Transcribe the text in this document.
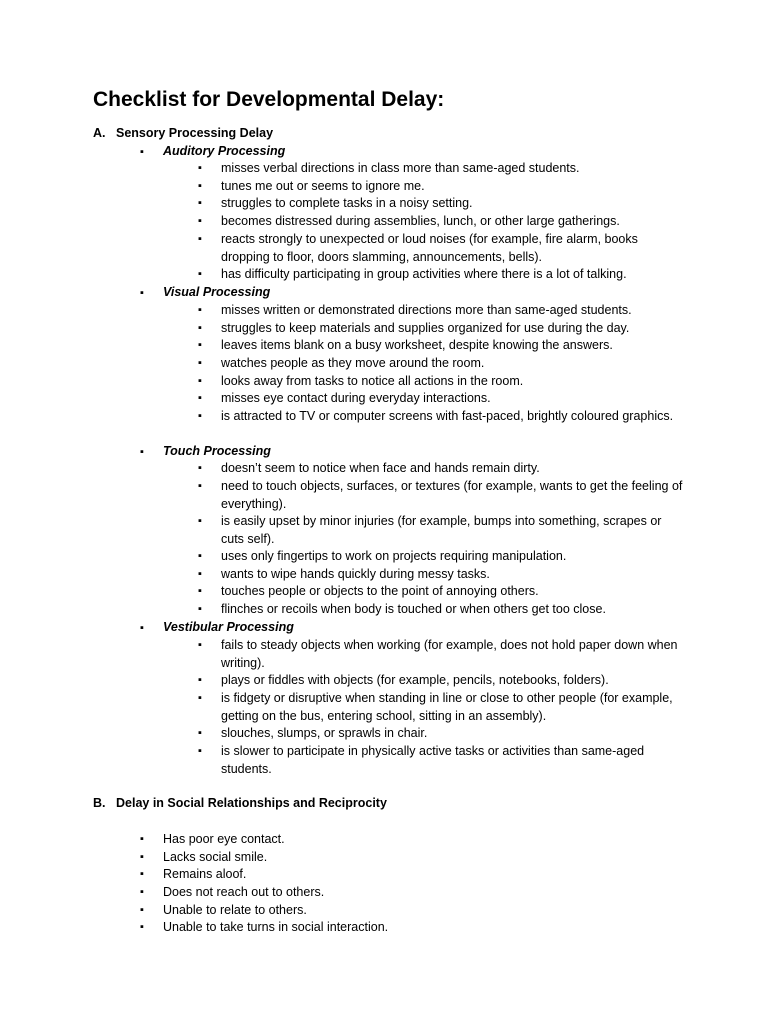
Checklist for Developmental Delay:
A. Sensory Processing Delay
▪ Auditory Processing
▪ misses verbal directions in class more than same-aged students.
▪ tunes me out or seems to ignore me.
▪ struggles to complete tasks in a noisy setting.
▪ becomes distressed during assemblies, lunch, or other large gatherings.
▪ reacts strongly to unexpected or loud noises (for example, fire alarm, books dropping to floor, doors slamming, announcements, bells).
▪ has difficulty participating in group activities where there is a lot of talking.
▪ Visual Processing
▪ misses written or demonstrated directions more than same-aged students.
▪ struggles to keep materials and supplies organized for use during the day.
▪ leaves items blank on a busy worksheet, despite knowing the answers.
▪ watches people as they move around the room.
▪ looks away from tasks to notice all actions in the room.
▪ misses eye contact during everyday interactions.
▪ is attracted to TV or computer screens with fast-paced, brightly coloured graphics.
▪ Touch Processing
▪ doesn’t seem to notice when face and hands remain dirty.
▪ need to touch objects, surfaces, or textures (for example, wants to get the feeling of everything).
▪ is easily upset by minor injuries (for example, bumps into something, scrapes or cuts self).
▪ uses only fingertips to work on projects requiring manipulation.
▪ wants to wipe hands quickly during messy tasks.
▪ touches people or objects to the point of annoying others.
▪ flinches or recoils when body is touched or when others get too close.
▪ Vestibular Processing
▪ fails to steady objects when working (for example, does not hold paper down when writing).
▪ plays or fiddles with objects (for example, pencils, notebooks, folders).
▪ is fidgety or disruptive when standing in line or close to other people (for example, getting on the bus, entering school, sitting in an assembly).
▪ slouches, slumps, or sprawls in chair.
▪ is slower to participate in physically active tasks or activities than same-aged students.
B. Delay in Social Relationships and Reciprocity
▪ Has poor eye contact.
▪ Lacks social smile.
▪ Remains aloof.
▪ Does not reach out to others.
▪ Unable to relate to others.
▪ Unable to take turns in social interaction.
